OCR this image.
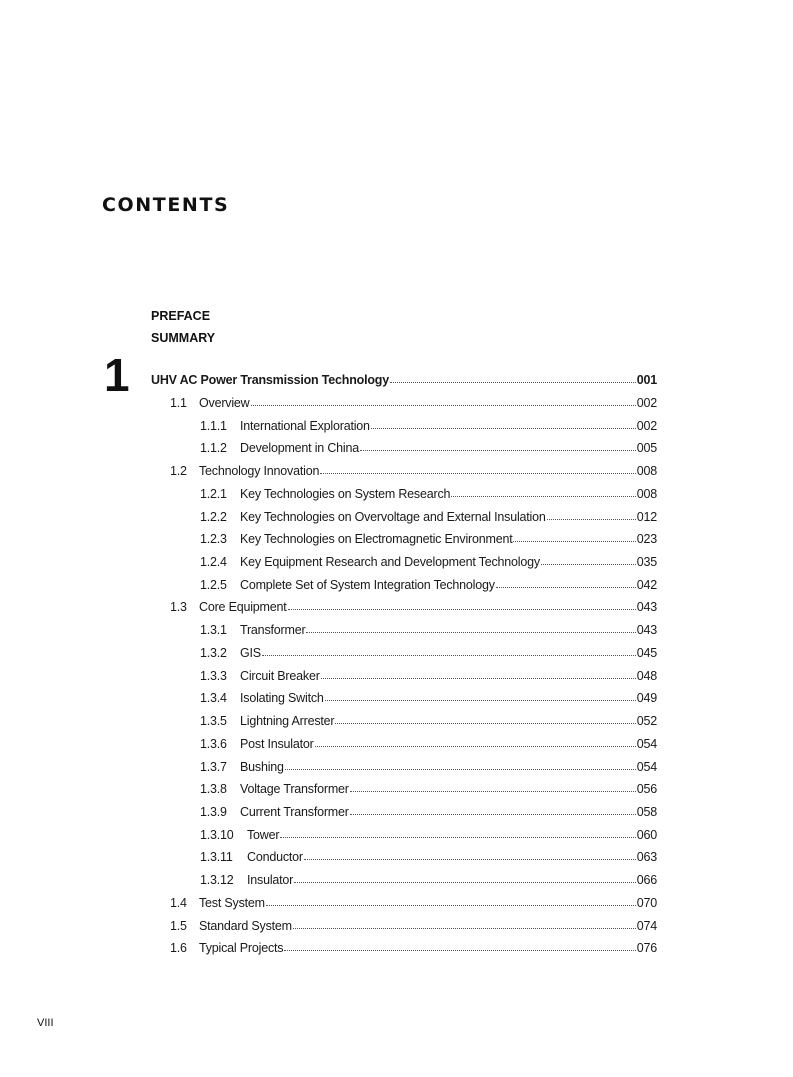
CONTENTS
PREFACE
SUMMARY
1 UHV AC Power Transmission Technology	001
1.1 Overview	002
1.1.1	International Exploration	002
1.1.2	Development in China	005
1.2 Technology Innovation	008
1.2.1	Key Technologies on System Research	008
1.2.2	Key Technologies on Overvoltage and External Insulation	012
1.2.3	Key Technologies on Electromagnetic Environment	023
1.2.4	Key Equipment Research and Development Technology	035
1.2.5	Complete Set of System Integration Technology	042
1.3 Core Equipment	043
1.3.1	Transformer	043
1.3.2	GIS	045
1.3.3	Circuit Breaker	048
1.3.4	Isolating Switch	049
1.3.5	Lightning Arrester	052
1.3.6	Post Insulator	054
1.3.7	Bushing	054
1.3.8	Voltage Transformer	056
1.3.9	Current Transformer	058
1.3.10	Tower	060
1.3.11	Conductor	063
1.3.12	Insulator	066
1.4 Test System	070
1.5 Standard System	074
1.6 Typical Projects	076
VIII
